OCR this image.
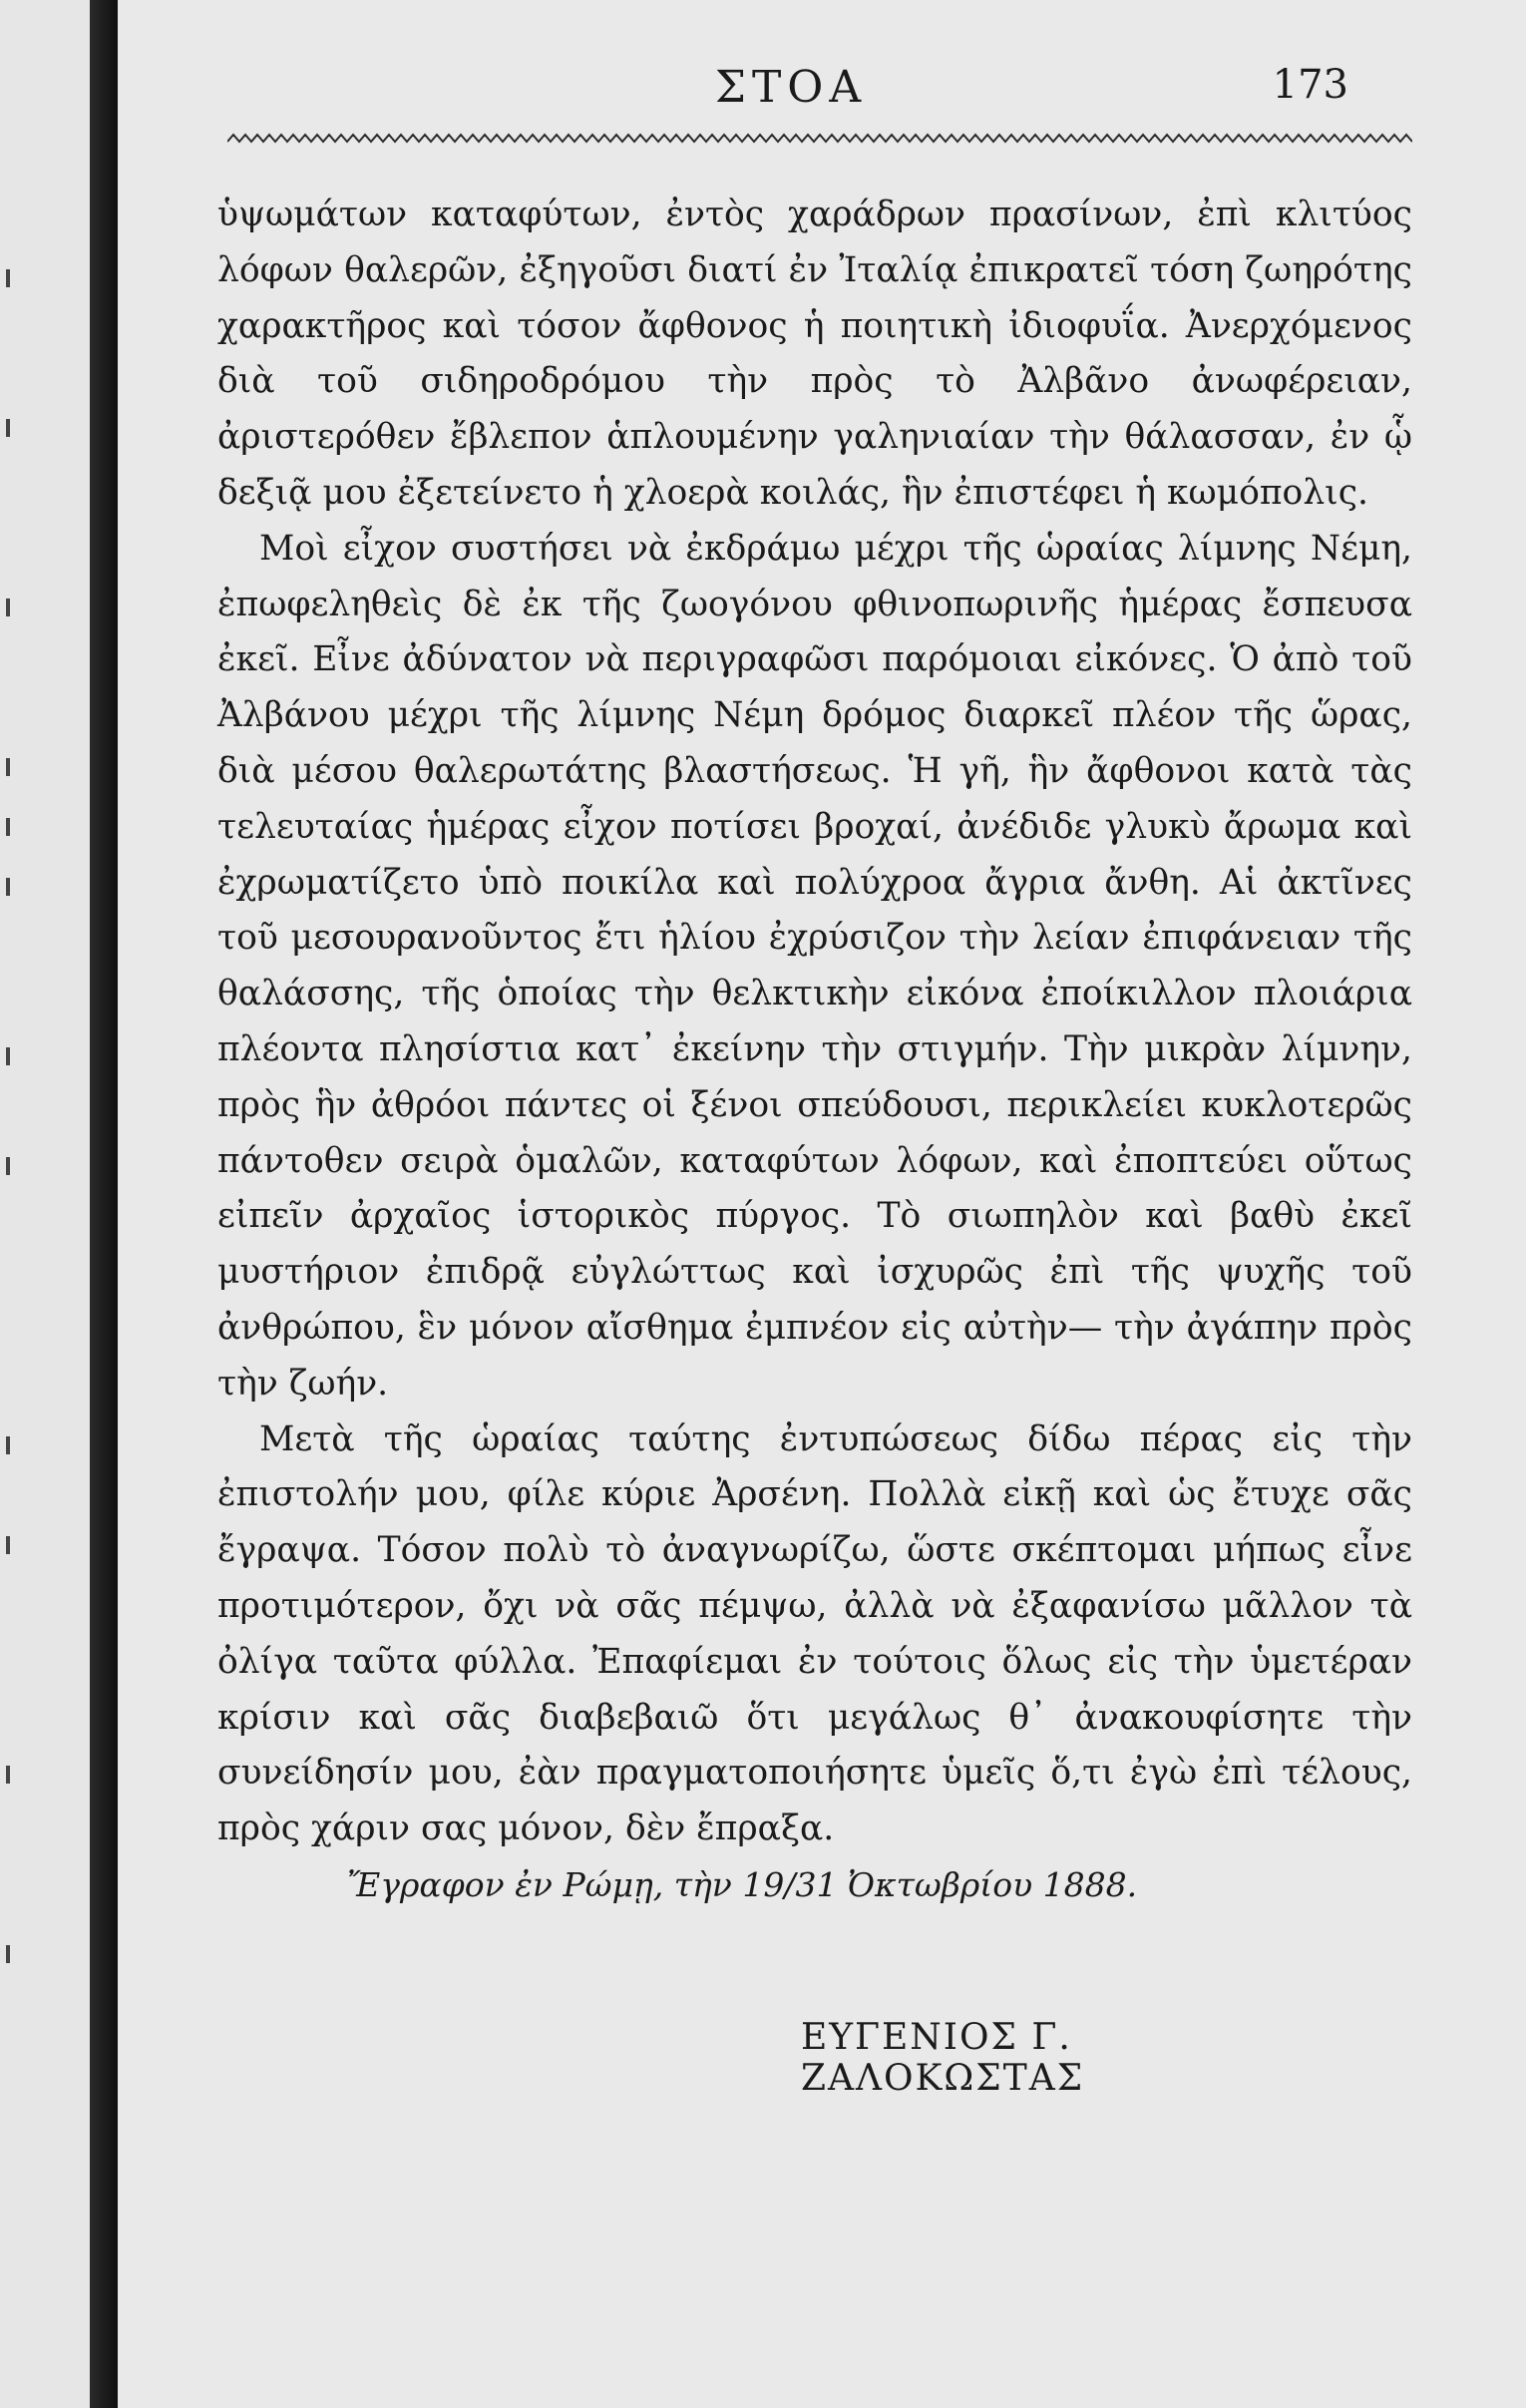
ΣΤΟΑ	173

ὑψωμάτων καταφύτων, ἐντὸς χαράδρων πρασίνων, ἐπὶ κλιτύος λόφων θαλερῶν, ἐξηγοῦσι διατί ἐν Ἰταλίᾳ ἐπικρατεῖ τόση ζωηρότης χαρακτῆρος καὶ τόσον ἄφθονος ἡ ποιητικὴ ἰδιοφυΐα. Ἀνερχόμενος διὰ τοῦ σιδηροδρόμου τὴν πρὸς τὸ Ἀλβᾶνο ἀνωφέρειαν, ἀριστερόθεν ἔβλεπον ἁπλουμένην γαληνιαίαν τὴν θάλασσαν, ἐν ᾧ δεξιᾷ μου ἐξετείνετο ἡ χλοερὰ κοιλάς, ἣν ἐπιστέφει ἡ κωμόπολις.

Μοὶ εἶχον συστήσει νὰ ἐκδράμω μέχρι τῆς ὡραίας λίμνης Νέμη, ἐπωφεληθεὶς δὲ ἐκ τῆς ζωογόνου φθινοπωρινῆς ἡμέρας ἔσπευσα ἐκεῖ. Εἶνε ἀδύνατον νὰ περιγραφῶσι παρόμοιαι εἰκόνες. Ὁ ἀπὸ τοῦ Ἀλβάνου μέχρι τῆς λίμνης Νέμη δρόμος διαρκεῖ πλέον τῆς ὥρας, διὰ μέσου θαλερωτάτης βλαστήσεως. Ἡ γῆ, ἣν ἄφθονοι κατὰ τὰς τελευταίας ἡμέρας εἶχον ποτίσει βροχαί, ἀνέδιδε γλυκὺ ἄρωμα καὶ ἐχρωματίζετο ὑπὸ ποικίλα καὶ πολύχροα ἄγρια ἄνθη. Αἱ ἀκτῖνες τοῦ μεσουρανοῦντος ἔτι ἡλίου ἐχρύσιζον τὴν λείαν ἐπιφάνειαν τῆς θαλάσσης, τῆς ὁποίας τὴν θελκτικὴν εἰκόνα ἐποίκιλλον πλοιάρια πλέοντα πλησίστια κατ᾽ ἐκείνην τὴν στιγμήν. Τὴν μικρὰν λίμνην, πρὸς ἣν ἀθρόοι πάντες οἱ ξένοι σπεύδουσι, περικλείει κυκλοτερῶς πάντοθεν σειρὰ ὁμαλῶν, καταφύτων λόφων, καὶ ἐποπτεύει οὕτως εἰπεῖν ἀρχαῖος ἱστορικὸς πύργος. Τὸ σιωπηλὸν καὶ βαθὺ ἐκεῖ μυστήριον ἐπιδρᾷ εὐγλώττως καὶ ἰσχυρῶς ἐπὶ τῆς ψυχῆς τοῦ ἀνθρώπου, ἓν μόνον αἴσθημα ἐμπνέον εἰς αὐτὴν— τὴν ἀγάπην πρὸς τὴν ζωήν.

Μετὰ τῆς ὡραίας ταύτης ἐντυπώσεως δίδω πέρας εἰς τὴν ἐπιστολήν μου, φίλε κύριε Ἀρσένη. Πολλὰ εἰκῇ καὶ ὡς ἔτυχε σᾶς ἔγραψα. Τόσον πολὺ τὸ ἀναγνωρίζω, ὥστε σκέπτομαι μήπως εἶνε προτιμότερον, ὄχι νὰ σᾶς πέμψω, ἀλλὰ νὰ ἐξαφανίσω μᾶλλον τὰ ὀλίγα ταῦτα φύλλα. Ἐπαφίεμαι ἐν τούτοις ὅλως εἰς τὴν ὑμετέραν κρίσιν καὶ σᾶς διαβεβαιῶ ὅτι μεγάλως θ᾽ ἀνακουφίσητε τὴν συνείδησίν μου, ἐὰν πραγματοποιήσητε ὑμεῖς ὅ,τι ἐγὼ ἐπὶ τέλους, πρὸς χάριν σας μόνον, δὲν ἔπραξα.

Ἔγραφον ἐν Ρώμῃ, τὴν 19/31 Ὀκτωβρίου 1888.
ΕΥΓΕΝΙΟΣ Γ. ΖΑΛΟΚΩΣΤΑΣ
